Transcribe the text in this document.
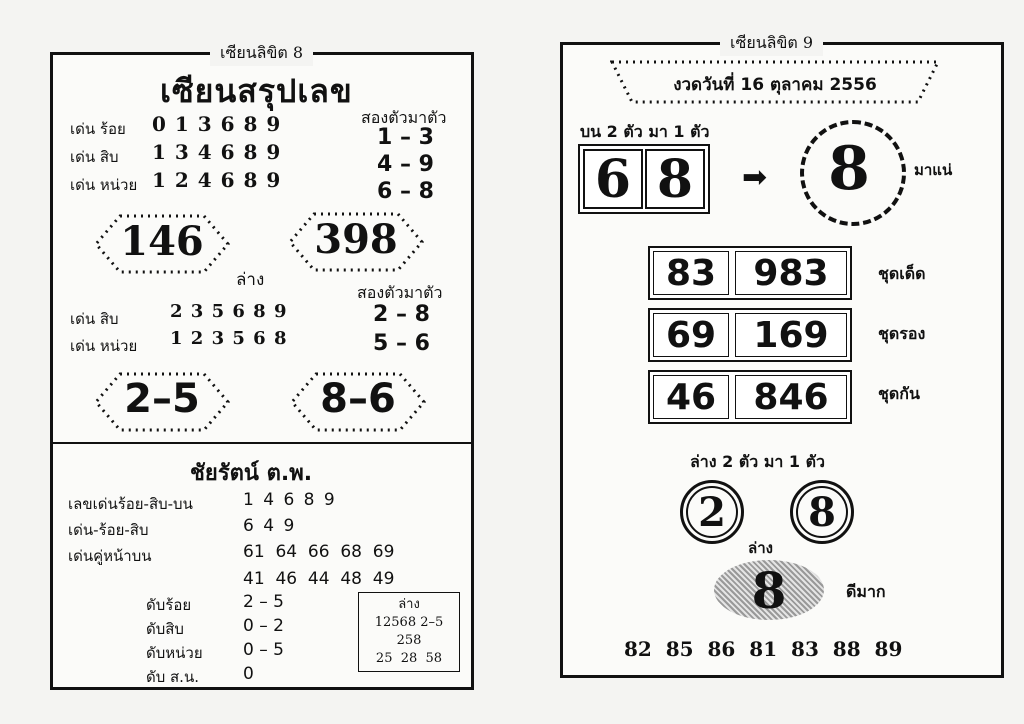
เซียนลิขิต 8
เซียนสรุปเลข
เด่น ร้อย 0 1 3 6 8 9
เด่น สิบ 1 3 4 6 8 9
เด่น หน่วย 1 2 4 6 8 9
สองตัวมาตัว
1 – 3
4 – 9
6 – 8
146	398
ล่าง
เด่น สิบ	2 3 5 6 8 9
เด่น หน่วย 1 2 3 5 6 8
สองตัวมาตัว
2 – 8
5 – 6
2–5	8–6
ชัยรัตน์ ต.พ.
เลขเด่นร้อย-สิบ-บน	1 4 6 8 9
เด่น-ร้อย-สิบ	6 4 9
เด่นคู่หน้าบน	61  64  66  68  69
41  46  44  48  49
ดับร้อย	2 – 5
ดับสิบ	0 – 2
ดับหน่วย 0 – 5
ดับ ส.น.	0
ล่าง
12568 2–5
258
25  28  58
เซียนลิขิต 9
งวดวันที่ 16 ตุลาคม 2556
บน 2 ตัว มา 1 ตัว
6 8	➡ 8	มาแน่
83	983	ชุดเด็ด
69	169	ชุดรอง
46	846	ชุดกัน
ล่าง 2 ตัว มา 1 ตัว
2	8
ล่าง
8	ดีมาก
82  85  86  81  83  88  89
